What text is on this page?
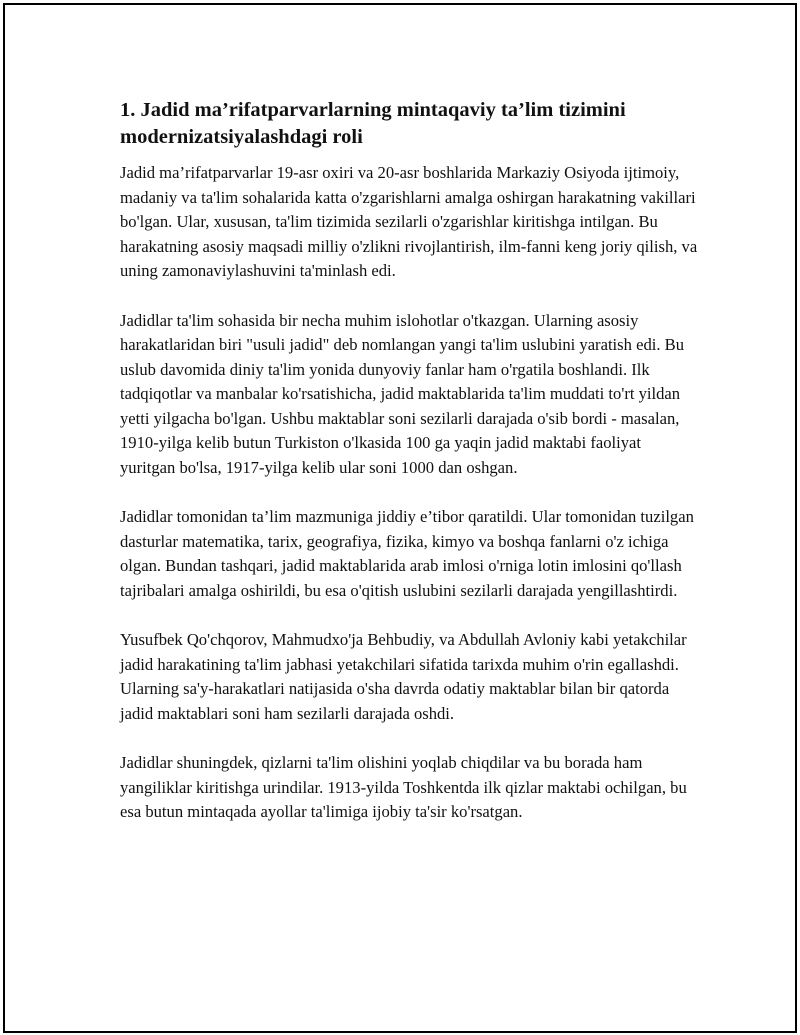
1. Jadid ma’rifatparvarlarning mintaqaviy ta’lim tizimini modernizatsiyalashdagi roli

Jadid ma’rifatparvarlar 19-asr oxiri va 20-asr boshlarida Markaziy Osiyoda ijtimoiy, madaniy va ta'lim sohalarida katta o'zgarishlarni amalga oshirgan harakatning vakillari bo'lgan. Ular, xususan, ta'lim tizimida sezilarli o'zgarishlar kiritishga intilgan. Bu harakatning asosiy maqsadi milliy o'zlikni rivojlantirish, ilm-fanni keng joriy qilish, va uning zamonaviylashuvini ta'minlash edi.

Jadidlar ta'lim sohasida bir necha muhim islohotlar o'tkazgan. Ularning asosiy harakatlaridan biri "usuli jadid" deb nomlangan yangi ta'lim uslubini yaratish edi. Bu uslub davomida diniy ta'lim yonida dunyoviy fanlar ham o'rgatila boshlandi. Ilk tadqiqotlar va manbalar ko'rsatishicha, jadid maktablarida ta'lim muddati to'rt yildan yetti yilgacha bo'lgan. Ushbu maktablar soni sezilarli darajada o'sib bordi - masalan, 1910-yilga kelib butun Turkiston o'lkasida 100 ga yaqin jadid maktabi faoliyat yuritgan bo'lsa, 1917-yilga kelib ular soni 1000 dan oshgan.

Jadidlar tomonidan ta’lim mazmuniga jiddiy e’tibor qaratildi. Ular tomonidan tuzilgan dasturlar matematika, tarix, geografiya, fizika, kimyo va boshqa fanlarni o'z ichiga olgan. Bundan tashqari, jadid maktablarida arab imlosi o'rniga lotin imlosini qo'llash tajribalari amalga oshirildi, bu esa o'qitish uslubini sezilarli darajada yengillashtirdi.

Yusufbek Qo'chqorov, Mahmudxo'ja Behbudiy, va Abdullah Avloniy kabi yetakchilar jadid harakatining ta'lim jabhasi yetakchilari sifatida tarixda muhim o'rin egallashdi. Ularning sa'y-harakatlari natijasida o'sha davrda odatiy maktablar bilan bir qatorda jadid maktablari soni ham sezilarli darajada oshdi.

Jadidlar shuningdek, qizlarni ta'lim olishini yoqlab chiqdilar va bu borada ham yangiliklar kiritishga urindilar. 1913-yilda Toshkentda ilk qizlar maktabi ochilgan, bu esa butun mintaqada ayollar ta'limiga ijobiy ta'sir ko'rsatgan.
